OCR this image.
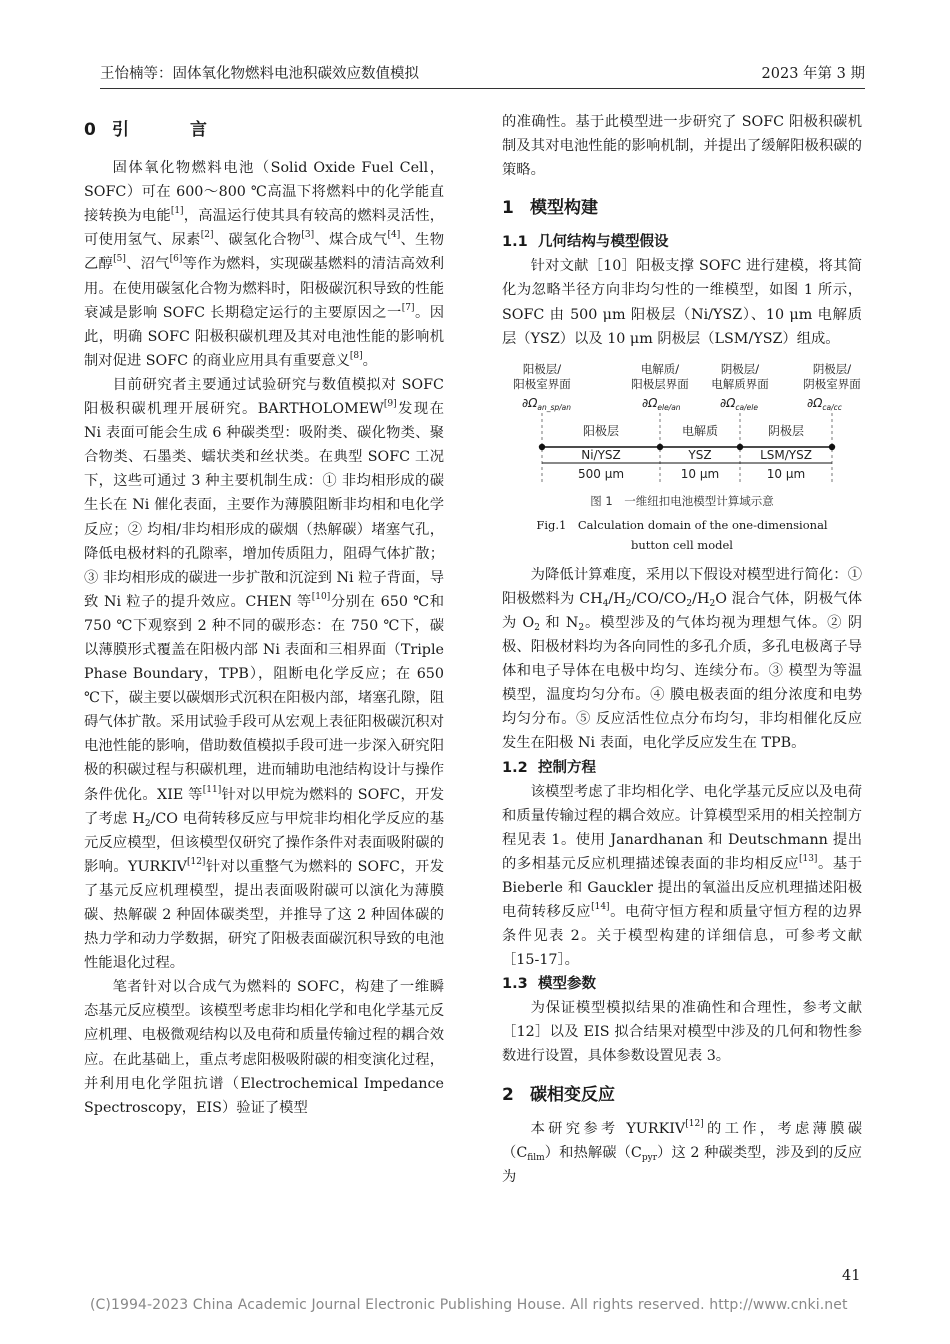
王怡楠等：固体氧化物燃料电池积碳效应数值模拟	2023 年第 3 期
0 引　言

固体氧化物燃料电池（Solid Oxide Fuel Cell，SOFC）可在 600～800 ℃高温下将燃料中的化学能直接转换为电能[1]，高温运行使其具有较高的燃料灵活性，可使用氢气、尿素[2]、碳氢化合物[3]、煤合成气[4]、生物乙醇[5]、沼气[6]等作为燃料，实现碳基燃料的清洁高效利用。在使用碳氢化合物为燃料时，阳极碳沉积导致的性能衰减是影响 SOFC 长期稳定运行的主要原因之一[7]。因此，明确 SOFC 阳极积碳机理及其对电池性能的影响机制对促进 SOFC 的商业应用具有重要意义[8]。

目前研究者主要通过试验研究与数值模拟对 SOFC 阳极积碳机理开展研究。BARTHOLOMEW[9]发现在 Ni 表面可能会生成 6 种碳类型：吸附类、碳化物类、聚合物类、石墨类、蠕状类和丝状类。在典型 SOFC 工况下，这些可通过 3 种主要机制生成：① 非均相形成的碳生长在 Ni 催化表面，主要作为薄膜阻断非均相和电化学反应；② 均相/非均相形成的碳烟（热解碳）堵塞气孔，降低电极材料的孔隙率，增加传质阻力，阻碍气体扩散；③ 非均相形成的碳进一步扩散和沉淀到 Ni 粒子背面，导致 Ni 粒子的提升效应。CHEN 等[10]分别在 650 ℃和 750 ℃下观察到 2 种不同的碳形态：在 750 ℃下，碳以薄膜形式覆盖在阳极内部 Ni 表面和三相界面（Triple Phase Boundary，TPB），阻断电化学反应；在 650 ℃下，碳主要以碳烟形式沉积在阳极内部，堵塞孔隙，阻碍气体扩散。采用试验手段可从宏观上表征阳极碳沉积对电池性能的影响，借助数值模拟手段可进一步深入研究阳极的积碳过程与积碳机理，进而辅助电池结构设计与操作条件优化。XIE 等[11]针对以甲烷为燃料的 SOFC，开发了考虑 $H_2/CO$ 电荷转移反应与甲烷非均相化学反应的基元反应模型，但该模型仅研究了操作条件对表面吸附碳的影响。YURKIV[12]针对以重整气为燃料的 SOFC，开发了基元反应机理模型，提出表面吸附碳可以演化为薄膜碳、热解碳 2 种固体碳类型，并推导了这 2 种固体碳的热力学和动力学数据，研究了阳极表面碳沉积导致的电池性能退化过程。

笔者针对以合成气为燃料的 SOFC，构建了一维瞬态基元反应模型。该模型考虑非均相化学和电化学基元反应机理、电极微观结构以及电荷和质量传输过程的耦合效应。在此基础上，重点考虑阳极吸附碳的相变演化过程，并利用电化学阻抗谱（Electrochemical Impedance Spectroscopy，EIS）验证了模型

的准确性。基于此模型进一步研究了 SOFC 阳极积碳机制及其对电池性能的影响机制，并提出了缓解阳极积碳的策略。

1 模型构建
1.1 几何结构与模型假设

针对文献［10］阳极支撑 SOFC 进行建模，将其简化为忽略半径方向非均匀性的一维模型，如图 1 所示，SOFC 由 500 μm 阳极层（Ni/YSZ）、10 μm 电解质层（YSZ）以及 10 μm 阴极层（LSM/YSZ）组成。

阳极层/
阳极室界面
电解质/
阳极层界面
阴极层/
电解质界面
阴极层/
阴极室界面
$\partial\Omega_{an\_sp/an}$	$\partial\Omega_{ele/an}$	$\partial\Omega_{ca/ele}$	$\partial\Omega_{ca/cc}$
阳极层	电解质	阴极层
Ni/YSZ	YSZ	LSM/YSZ
500 μm	10 μm	10 μm
图 1　一维纽扣电池模型计算域示意
Fig.1　Calculation domain of the one-dimensional
button cell model

为降低计算难度，采用以下假设对模型进行简化：① 阳极燃料为 $CH_4/H_2/CO/CO_2/H_2O$ 混合气体，阴极气体为 $O_2$ 和 $N_2$。模型涉及的气体均视为理想气体。② 阴极、阳极材料均为各向同性的多孔介质，多孔电极离子导体和电子导体在电极中均匀、连续分布。③ 模型为等温模型，温度均匀分布。④ 膜电极表面的组分浓度和电势均匀分布。⑤ 反应活性位点分布均匀，非均相催化反应发生在阳极 Ni 表面，电化学反应发生在 TPB。

1.2 控制方程

该模型考虑了非均相化学、电化学基元反应以及电荷和质量传输过程的耦合效应。计算模型采用的相关控制方程见表 1。使用 Janardhanan 和 Deutschmann 提出的多相基元反应机理描述镍表面的非均相反应[13]。基于 Bieberle 和 Gauckler 提出的氧溢出反应机理描述阳极电荷转移反应[14]。电荷守恒方程和质量守恒方程的边界条件见表 2。关于模型构建的详细信息，可参考文献［15-17］。

1.3 模型参数

为保证模型模拟结果的准确性和合理性，参考文献［12］以及 EIS 拟合结果对模型中涉及的几何和物性参数进行设置，具体参数设置见表 3。

2 碳相变反应

本研究参考 YURKIV[12]的工作，考虑薄膜碳$(C_{film})$和热解碳$(C_{pyr})$这 2 种碳类型，涉及到的反应为

41
(C)1994-2023 China Academic Journal Electronic Publishing House. All rights reserved. http://www.cnki.net
